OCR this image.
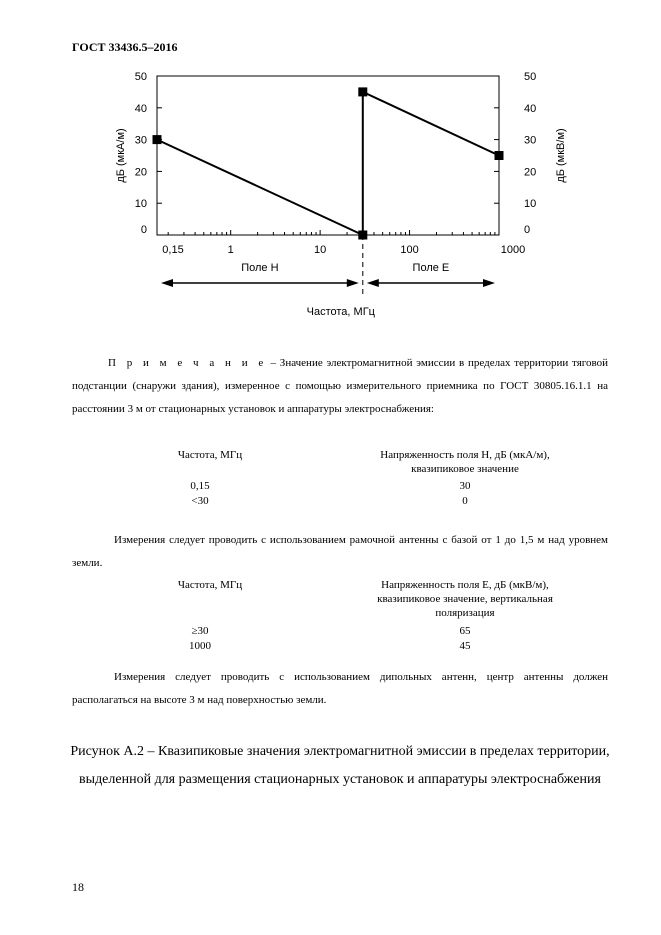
ГОСТ 33436.5–2016
0	0
10	10
20	20
30	30
40	40
50	50
0,15	1	10	100	1000
дБ (мкА/м)	дБ (мкВ/м)
Поле Н	Поле Е
Частота, МГц
П р и м е ч а н и е – Значение электромагнитной эмиссии в пределах территории тяговой подстанции (снаружи здания), измеренное с помощью измерительного приемника по ГОСТ 30805.16.1.1 на расстоянии 3 м от стационарных установок и аппаратуры электроснабжения:
Частота, МГц	Напряженность поля Н, дБ (мкА/м),
квазипиковое значение
0,15	30
<30	0
Измерения следует проводить с использованием рамочной антенны с базой от 1 до 1,5 м над уровнем земли.
Частота, МГц	Напряженность поля Е, дБ (мкВ/м),
квазипиковое значение, вертикальная
поляризация
≥30	65
1000	45
Измерения следует проводить с использованием дипольных антенн, центр антенны должен располагаться на высоте 3 м над поверхностью земли.
Рисунок А.2 – Квазипиковые значения электромагнитной эмиссии в пределах территории, выделенной для размещения стационарных установок и аппаратуры электроснабжения
18
